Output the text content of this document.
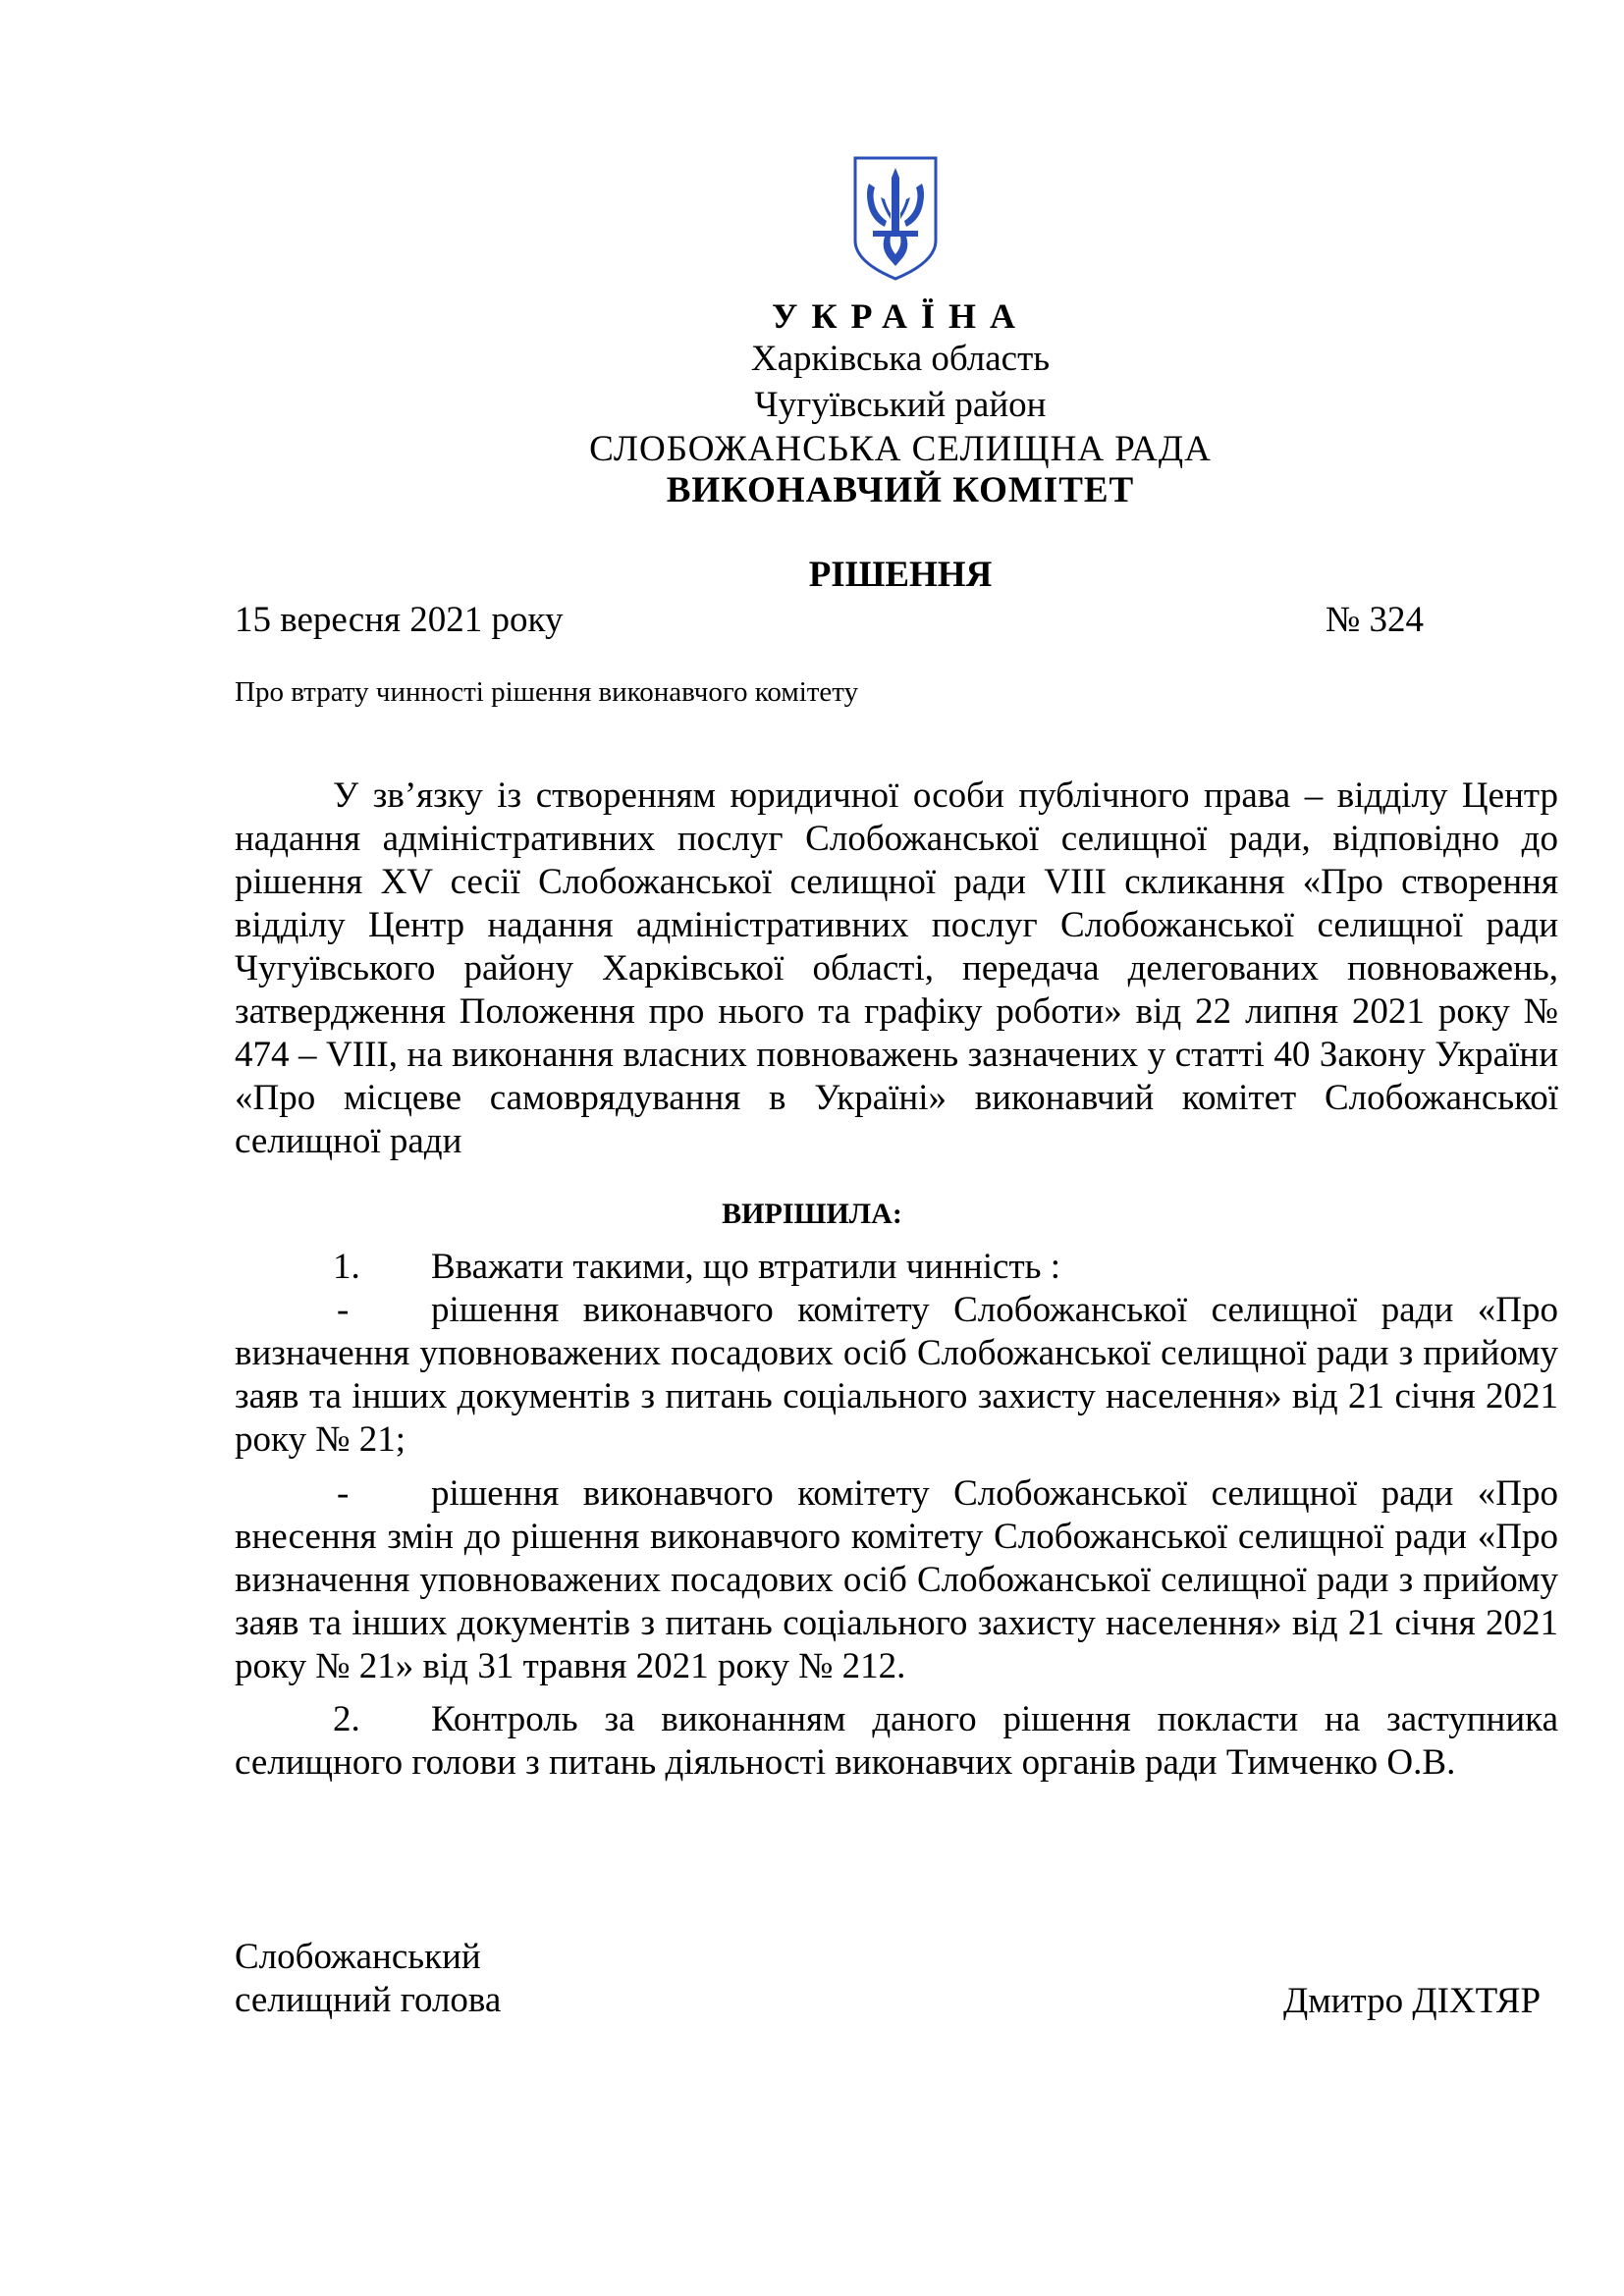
УКРАЇНА
Харківська область
Чугуївський район
СЛОБОЖАНСЬКА СЕЛИЩНА РАДА
ВИКОНАВЧИЙ КОМІТЕТ
РІШЕННЯ
15 вересня 2021 року	№ 324
Про втрату чинності рішення виконавчого комітету
У зв’язку із створенням юридичної особи публічного права – відділу Центр надання адміністративних послуг Слобожанської селищної ради, відповідно до рішення XV сесії Слобожанської селищної ради VIII скликання «Про створення відділу Центр надання адміністративних послуг Слобожанської селищної ради Чугуївського району Харківської області, передача делегованих повноважень, затвердження Положення про нього та графіку роботи» від 22 липня 2021 року № 474 – VIII, на виконання власних повноважень зазначених у статті 40 Закону України «Про місцеве самоврядування в Україні» виконавчий комітет Слобожанської селищної ради
ВИРІШИЛА:
1. Вважати такими, що втратили чинність :
- рішення виконавчого комітету Слобожанської селищної ради «Про визначення уповноважених посадових осіб Слобожанської селищної ради з прийому заяв та інших документів з питань соціального захисту населення» від 21 січня 2021 року № 21;
- рішення виконавчого комітету Слобожанської селищної ради «Про внесення змін до рішення виконавчого комітету Слобожанської селищної ради «Про визначення уповноважених посадових осіб Слобожанської селищної ради з прийому заяв та інших документів з питань соціального захисту населення» від 21 січня 2021 року № 21» від 31 травня 2021 року № 212.
2. Контроль за виконанням даного рішення покласти на заступника селищного голови з питань діяльності виконавчих органів ради Тимченко О.В.
Слобожанський
селищний голова	Дмитро ДІХТЯР
